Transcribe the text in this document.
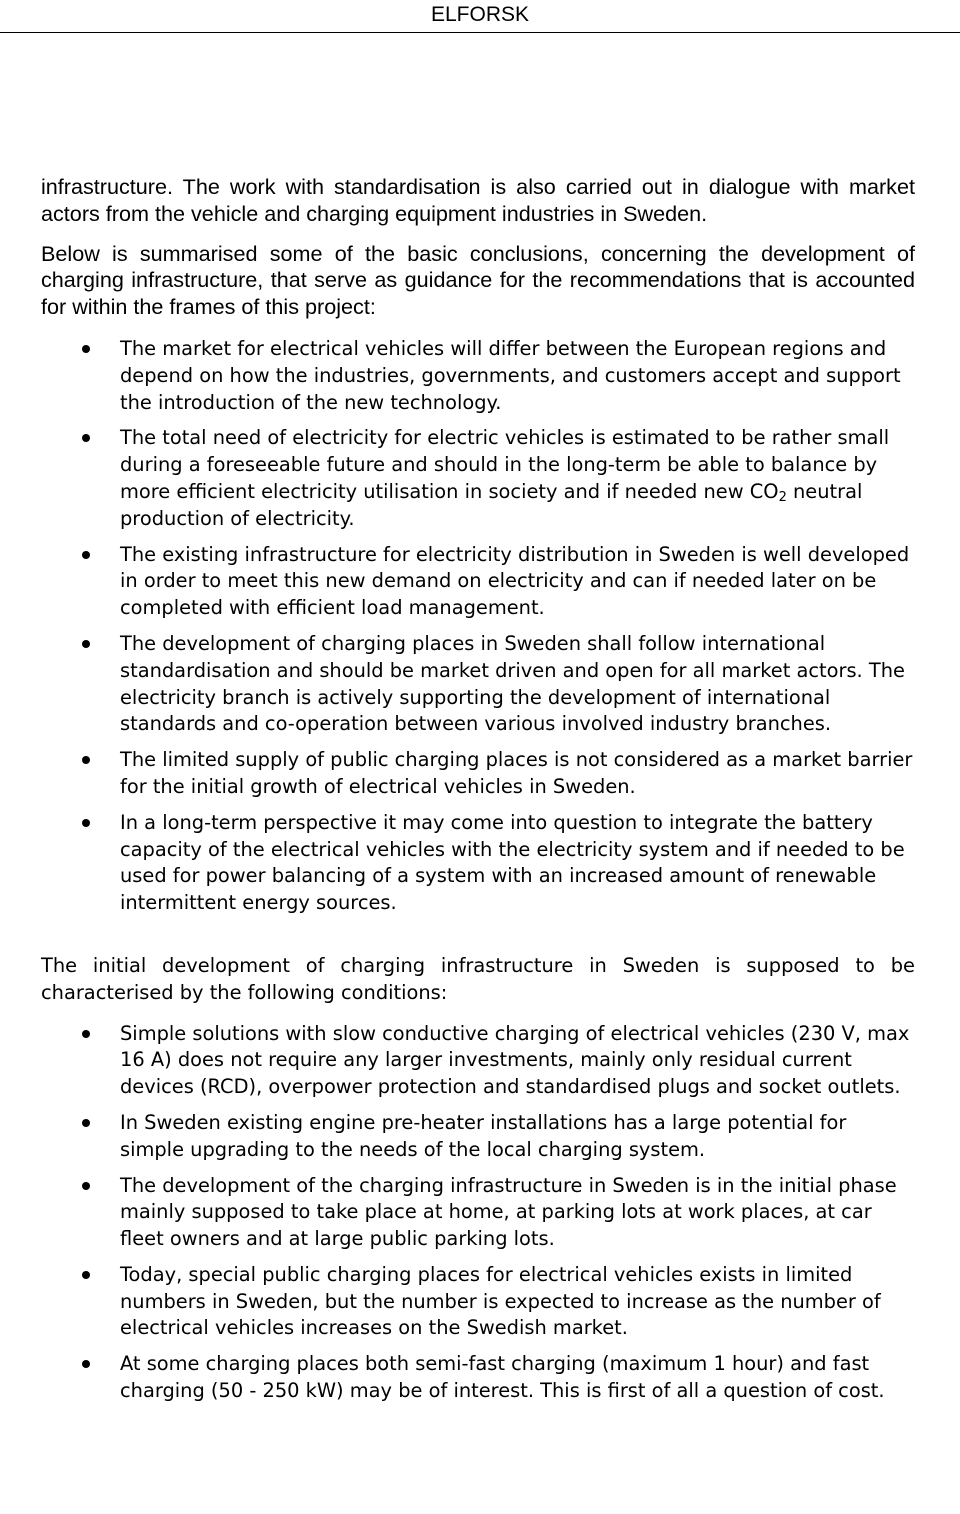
ELFORSK

infrastructure. The work with standardisation is also carried out in dialogue with market actors from the vehicle and charging equipment industries in Sweden.

Below is summarised some of the basic conclusions, concerning the development of charging infrastructure, that serve as guidance for the recommendations that is accounted for within the frames of this project:

The market for electrical vehicles will differ between the European regions and depend on how the industries, governments, and customers accept and support the introduction of the new technology.
The total need of electricity for electric vehicles is estimated to be rather small during a foreseeable future and should in the long-term be able to balance by more efficient electricity utilisation in society and if needed new $CO_2$ neutral production of electricity.
The existing infrastructure for electricity distribution in Sweden is well developed in order to meet this new demand on electricity and can if needed later on be completed with efficient load management.
The development of charging places in Sweden shall follow international standardisation and should be market driven and open for all market actors. The electricity branch is actively supporting the development of international standards and co-operation between various involved industry branches.
The limited supply of public charging places is not considered as a market barrier for the initial growth of electrical vehicles in Sweden.
In a long-term perspective it may come into question to integrate the battery capacity of the electrical vehicles with the electricity system and if needed to be used for power balancing of a system with an increased amount of renewable intermittent energy sources.

The initial development of charging infrastructure in Sweden is supposed to be characterised by the following conditions:

Simple solutions with slow conductive charging of electrical vehicles (230 V, max 16 A) does not require any larger investments, mainly only residual current devices (RCD), overpower protection and standardised plugs and socket outlets.
In Sweden existing engine pre-heater installations has a large potential for simple upgrading to the needs of the local charging system.
The development of the charging infrastructure in Sweden is in the initial phase mainly supposed to take place at home, at parking lots at work places, at car fleet owners and at large public parking lots.
Today, special public charging places for electrical vehicles exists in limited numbers in Sweden, but the number is expected to increase as the number of electrical vehicles increases on the Swedish market.
At some charging places both semi-fast charging (maximum 1 hour) and fast charging (50 - 250 kW) may be of interest. This is first of all a question of cost.
